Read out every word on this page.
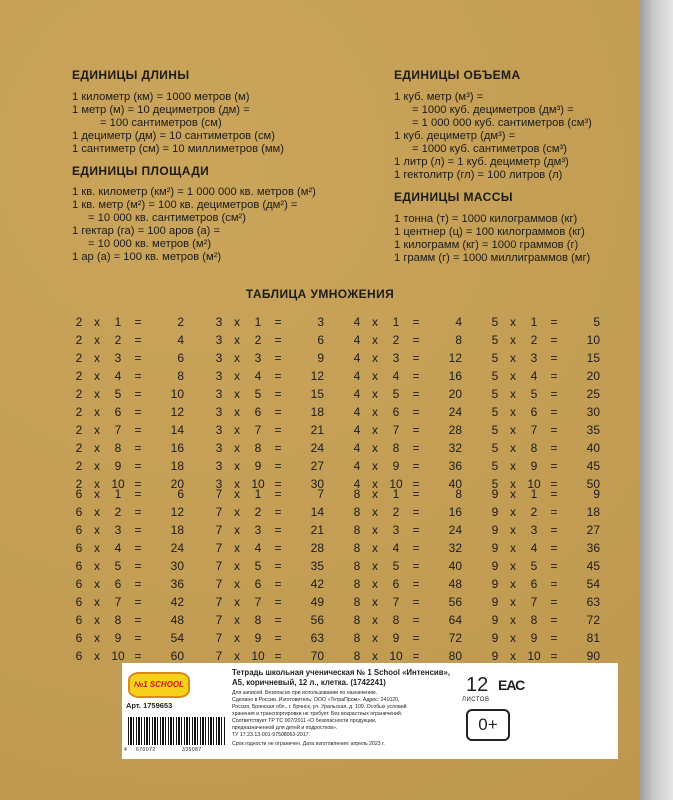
ЕДИНИЦЫ ДЛИНЫ
1 километр (км) = 1000 метров (м)
1 метр (м) = 10 дециметров (дм) =
= 100 сантиметров (см)
1 дециметр (дм) = 10 сантиметров (см)
1 сантиметр (см) = 10 миллиметров (мм)
ЕДИНИЦЫ ПЛОЩАДИ
1 кв. километр (км²) = 1 000 000 кв. метров (м²)
1 кв. метр (м²) = 100 кв. дециметров (дм²) =
= 10 000 кв. сантиметров (см²)
1 гектар (га) = 100 аров (а) =
= 10 000 кв. метров (м²)
1 ар (а) = 100 кв. метров (м²)
ЕДИНИЦЫ ОБЪЕМА
1 куб. метр (м³) =
= 1000 куб. дециметров (дм³) =
= 1 000 000 куб. сантиметров (см³)
1 куб. дециметр (дм³) =
= 1000 куб. сантиметров (см³)
1 литр (л) = 1 куб. дециметр (дм³)
1 гектолитр (гл) = 100 литров (л)
ЕДИНИЦЫ МАССЫ
1 тонна (т) = 1000 килограммов (кг)
1 центнер (ц) = 100 килограммов (кг)
1 килограмм (кг) = 1000 граммов (г)
1 грамм (г) = 1000 миллиграммов (мг)
ТАБЛИЦА УМНОЖЕНИЯ
2 x	1	=	2
2 x	2	=	4
2 x	3	=	6
2 x	4	=	8
2 x	5	=	10
2 x	6	=	12
2 x	7	=	14
2 x	8	=	16
2 x	9	=	18
2 x 10 =	20
3 x	1	=	3
3 x	2	=	6
3 x	3	=	9
3 x	4	=	12
3 x	5	=	15
3 x	6	=	18
3 x	7	=	21
3 x	8	=	24
3 x	9	=	27
3 x 10 =	30
4 x	1	=	4
4 x	2	=	8
4 x	3	=	12
4 x	4	=	16
4 x	5	=	20
4 x	6	=	24
4 x	7	=	28
4 x	8	=	32
4 x	9	=	36
4 x 10 =	40
5 x	1	=	5
5 x	2	=	10
5 x	3	=	15
5 x	4	=	20
5 x	5	=	25
5 x	6	=	30
5 x	7	=	35
5 x	8	=	40
5 x	9	=	45
5 x 10 =	50
6 x	1	=	6
6 x	2	=	12
6 x	3	=	18
6 x	4	=	24
6 x	5	=	30
6 x	6	=	36
6 x	7	=	42
6 x	8	=	48
6 x	9	=	54
6 x 10 =	60
7 x	1	=	7
7 x	2	=	14
7 x	3	=	21
7 x	4	=	28
7 x	5	=	35
7 x	6	=	42
7 x	7	=	49
7 x	8	=	56
7 x	9	=	63
7 x 10 =	70
8 x	1	=	8
8 x	2	=	16
8 x	3	=	24
8 x	4	=	32
8 x	5	=	40
8 x	6	=	48
8 x	7	=	56
8 x	8	=	64
8 x	9	=	72
8 x 10 =	80
9 x	1	=	9
9 x	2	=	18
9 x	3	=	27
9 x	4	=	36
9 x	5	=	45
9 x	6	=	54
9 x	7	=	63
9 x	8	=	72
9 x	9	=	81
9 x 10 =	90
№1 SCHOOL
Арт. 1759653
4 670072	335087
Тетрадь школьная ученическая № 1 School «Интенсив», А5, коричневый, 12 л., клетка. (1742241)
Для записей. Безопасно при использовании по назначению.
Сделано в России. Изготовитель: ООО «ТетраПром». Адрес: 241020,
Россия, Брянская обл., г. Брянск, ул. Уральская, д. 109. Особых условий
хранения и транспортировки не требует. Без возрастных ограничений.
Соответствует ТР ТС 007/2011 «О безопасности продукции,
предназначенной для детей и подростков».
ТУ 17.23.13-001-97508063-2017.
Срок годности не ограничен. Дата изготовления: апрель 2023 г.
12
ЛИСТОВ
ЕАС
0+
